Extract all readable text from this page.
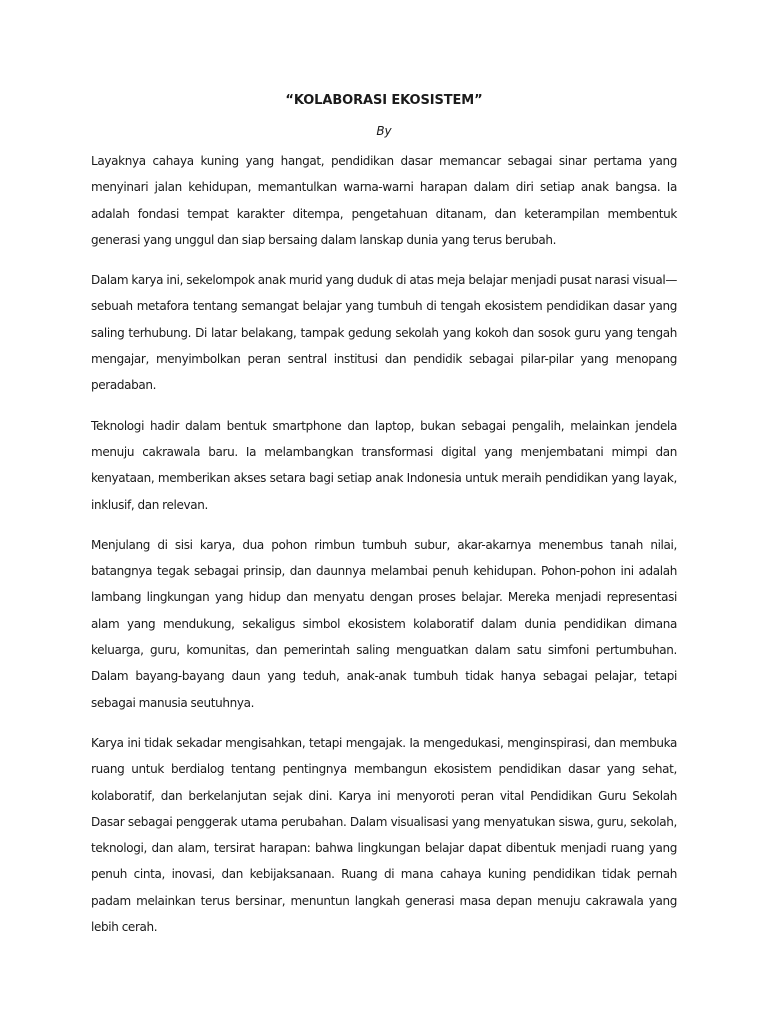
“KOLABORASI EKOSISTEM”
By

Layaknya cahaya kuning yang hangat, pendidikan dasar memancar sebagai sinar pertama yang menyinari jalan kehidupan, memantulkan warna-warni harapan dalam diri setiap anak bangsa. Ia adalah fondasi tempat karakter ditempa, pengetahuan ditanam, dan keterampilan membentuk generasi yang unggul dan siap bersaing dalam lanskap dunia yang terus berubah.

Dalam karya ini, sekelompok anak murid yang duduk di atas meja belajar menjadi pusat narasi visual—sebuah metafora tentang semangat belajar yang tumbuh di tengah ekosistem pendidikan dasar yang saling terhubung. Di latar belakang, tampak gedung sekolah yang kokoh dan sosok guru yang tengah mengajar, menyimbolkan peran sentral institusi dan pendidik sebagai pilar-pilar yang menopang peradaban.

Teknologi hadir dalam bentuk smartphone dan laptop, bukan sebagai pengalih, melainkan jendela menuju cakrawala baru. Ia melambangkan transformasi digital yang menjembatani mimpi dan kenyataan, memberikan akses setara bagi setiap anak Indonesia untuk meraih pendidikan yang layak, inklusif, dan relevan.

Menjulang di sisi karya, dua pohon rimbun tumbuh subur, akar-akarnya menembus tanah nilai, batangnya tegak sebagai prinsip, dan daunnya melambai penuh kehidupan. Pohon-pohon ini adalah lambang lingkungan yang hidup dan menyatu dengan proses belajar. Mereka menjadi representasi alam yang mendukung, sekaligus simbol ekosistem kolaboratif dalam dunia pendidikan dimana keluarga, guru, komunitas, dan pemerintah saling menguatkan dalam satu simfoni pertumbuhan. Dalam bayang-bayang daun yang teduh, anak-anak tumbuh tidak hanya sebagai pelajar, tetapi sebagai manusia seutuhnya.

Karya ini tidak sekadar mengisahkan, tetapi mengajak. Ia mengedukasi, menginspirasi, dan membuka ruang untuk berdialog tentang pentingnya membangun ekosistem pendidikan dasar yang sehat, kolaboratif, dan berkelanjutan sejak dini. Karya ini menyoroti peran vital Pendidikan Guru Sekolah Dasar sebagai penggerak utama perubahan. Dalam visualisasi yang menyatukan siswa, guru, sekolah, teknologi, dan alam, tersirat harapan: bahwa lingkungan belajar dapat dibentuk menjadi ruang yang penuh cinta, inovasi, dan kebijaksanaan. Ruang di mana cahaya kuning pendidikan tidak pernah padam melainkan terus bersinar, menuntun langkah generasi masa depan menuju cakrawala yang lebih cerah.
